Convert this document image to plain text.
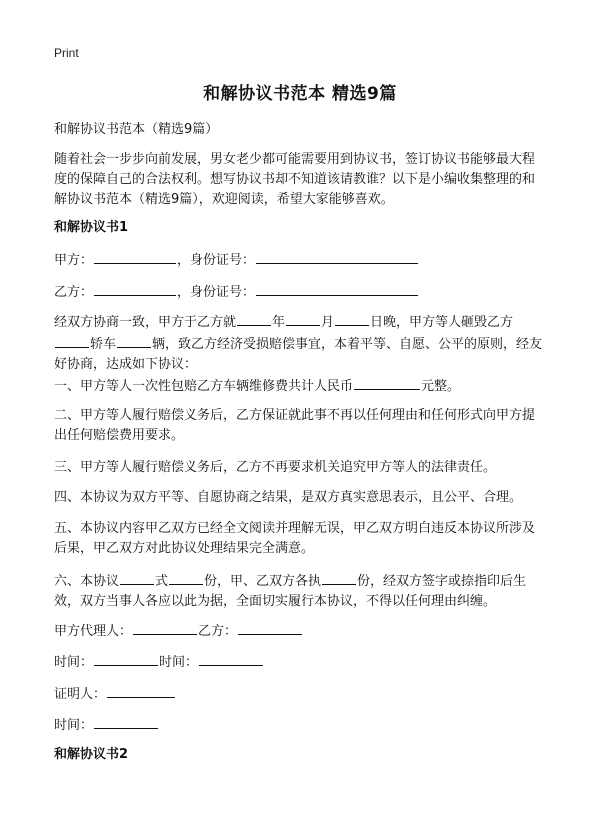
Print
和解协议书范本 精选9篇
和解协议书范本（精选9篇）
随着社会一步步向前发展，男女老少都可能需要用到协议书，签订协议书能够最大程度的保障自己的合法权利。想写协议书却不知道该请教谁？以下是小编收集整理的和解协议书范本（精选9篇），欢迎阅读，希望大家能够喜欢。
和解协议书1
甲方：	，身份证号：
乙方：	，身份证号：
经双方协商一致，甲方于乙方就	年	月	日晚，甲方等人砸毁乙方轿车	辆，致乙方经济受损赔偿事宜，本着平等、自愿、公平的原则，经友好协商，达成如下协议：
一、甲方等人一次性包赔乙方车辆维修费共计人民币	元整。
二、甲方等人履行赔偿义务后，乙方保证就此事不再以任何理由和任何形式向甲方提出任何赔偿费用要求。
三、甲方等人履行赔偿义务后，乙方不再要求机关追究甲方等人的法律责任。
四、本协议为双方平等、自愿协商之结果，是双方真实意思表示，且公平、合理。
五、本协议内容甲乙双方已经全文阅读并理解无误，甲乙双方明白违反本协议所涉及后果，甲乙双方对此协议处理结果完全满意。
六、本协议	式	份，甲、乙双方各执	份，经双方签字或捺指印后生效，双方当事人各应以此为据，全面切实履行本协议，不得以任何理由纠缠。
甲方代理人：	乙方：
时间：	时间：
证明人：
时间：
和解协议书2
